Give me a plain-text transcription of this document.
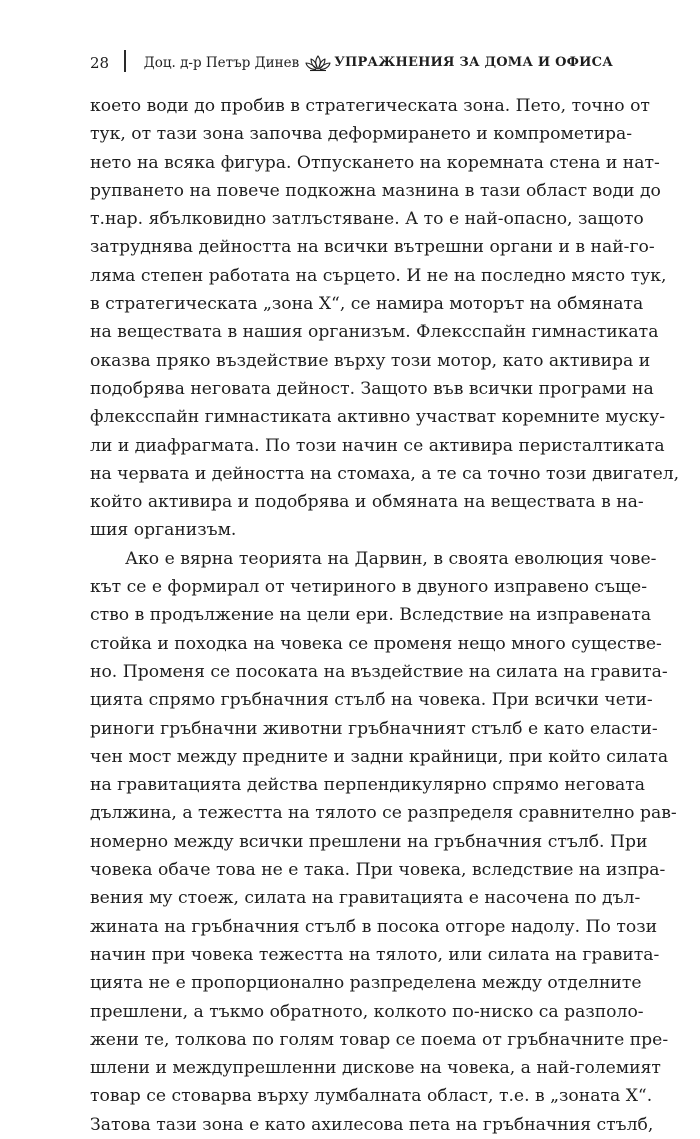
28	Доц. д-р Петър Динев	УПРАЖНЕНИЯ ЗА ДОМА И ОФИСА
което води до пробив в стратегическата зона. Пето, точно от
тук, от тази зона започва деформирането и компрометира-
нето на всяка фигура. Отпускането на коремната стена и нат-
рупването на повече подкожна мазнина в тази област води до
т.нар. ябълковидно затлъстяване. А то е най-опасно, защото
затруднява дейността на всички вътрешни органи и в най-го-
ляма степен работата на сърцето. И не на последно място тук,
в стратегическата „зона Х“, се намира моторът на обмяната
на веществата в нашия организъм. Флексспайн гимнастиката
оказва пряко въздействие върху този мотор, като активира и
подобрява неговата дейност. Защото във всички програми на
флексспайн гимнастиката активно участват коремните муску-
ли и диафрагмата. По този начин се активира перисталтиката
на червата и дейността на стомаха, а те са точно този двигател,
който активира и подобрява и обмяната на веществата в на-
шия организъм.
Ако е вярна теорията на Дарвин, в своята еволюция чове-
кът се е формирал от четириного в двуного изправено съще-
ство в продължение на цели ери. Вследствие на изправената
стойка и походка на човека се променя нещо много существе-
но. Променя се посоката на въздействие на силата на гравита-
цията спрямо гръбначния стълб на човека. При всички чети-
риноги гръбначни животни гръбначният стълб е като еласти-
чен мост между предните и задни крайници, при който силата
на гравитацията действа перпендикулярно спрямо неговата
дължина, а тежестта на тялото се разпределя сравнително рав-
номерно между всички прешлени на гръбначния стълб. При
човека обаче това не е така. При човека, вследствие на изпра-
вения му стоеж, силата на гравитацията е насочена по дъл-
жината на гръбначния стълб в посока отгоре надолу. По този
начин при човека тежестта на тялото, или силата на гравита-
цията не е пропорционално разпределена между отделните
прешлени, а тъкмо обратното, колкото по-ниско са разполо-
жени те, толкова по голям товар се поема от гръбначните пре-
шлени и междупрешленни дискове на човека, а най-големият
товар се стоварва върху лумбалната област, т.е. в „зоната Х“.
Затова тази зона е като ахилесова пета на гръбначния стълб,
